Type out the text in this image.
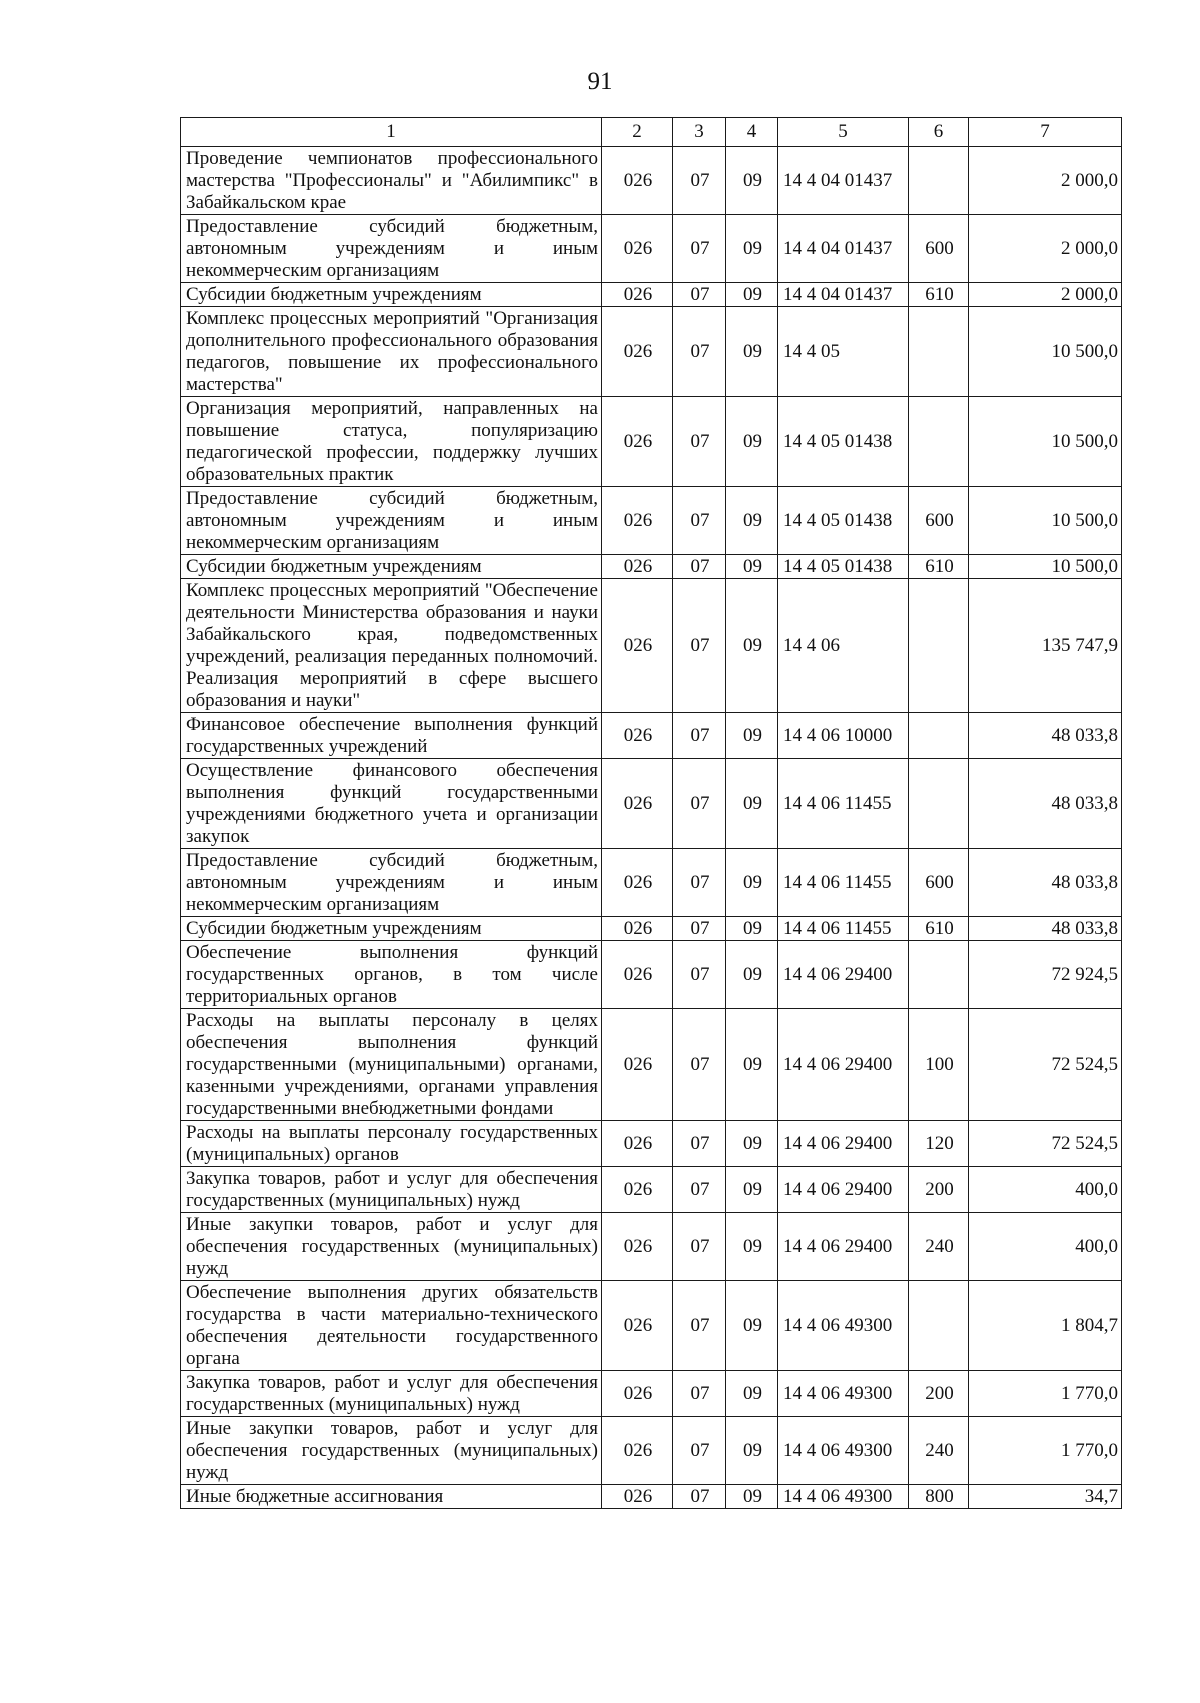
91
1	2	3	4	5	6	7
Проведение чемпионатов профессионального мастерства "Профессионалы" и "Абилимпикс" в Забайкальском крае	026	07	09	14 4 04 01437		2 000,0
Предоставление субсидий бюджетным, автономным учреждениям и иным некоммерческим организациям	026	07	09	14 4 04 01437	600	2 000,0
Субсидии бюджетным учреждениям	026	07	09	14 4 04 01437	610	2 000,0
Комплекс процессных мероприятий "Организация дополнительного профессионального образования педагогов, повышение их профессионального мастерства"	026	07	09	14 4 05		10 500,0
Организация мероприятий, направленных на повышение статуса, популяризацию педагогической профессии, поддержку лучших образовательных практик	026	07	09	14 4 05 01438		10 500,0
Предоставление субсидий бюджетным, автономным учреждениям и иным некоммерческим организациям	026	07	09	14 4 05 01438	600	10 500,0
Субсидии бюджетным учреждениям	026	07	09	14 4 05 01438	610	10 500,0
Комплекс процессных мероприятий "Обеспечение деятельности Министерства образования и науки Забайкальского края, подведомственных учреждений, реализация переданных полномочий. Реализация мероприятий в сфере высшего образования и науки"	026	07	09	14 4 06		135 747,9
Финансовое обеспечение выполнения функций государственных учреждений	026	07	09	14 4 06 10000		48 033,8
Осуществление финансового обеспечения выполнения функций государственными учреждениями бюджетного учета и организации закупок	026	07	09	14 4 06 11455		48 033,8
Предоставление субсидий бюджетным, автономным учреждениям и иным некоммерческим организациям	026	07	09	14 4 06 11455	600	48 033,8
Субсидии бюджетным учреждениям	026	07	09	14 4 06 11455	610	48 033,8
Обеспечение выполнения функций государственных органов, в том числе территориальных органов	026	07	09	14 4 06 29400		72 924,5
Расходы на выплаты персоналу в целях обеспечения выполнения функций государственными (муниципальными) органами, казенными учреждениями, органами управления государственными внебюджетными фондами	026	07	09	14 4 06 29400	100	72 524,5
Расходы на выплаты персоналу государственных (муниципальных) органов	026	07	09	14 4 06 29400	120	72 524,5
Закупка товаров, работ и услуг для обеспечения государственных (муниципальных) нужд	026	07	09	14 4 06 29400	200	400,0
Иные закупки товаров, работ и услуг для обеспечения государственных (муниципальных) нужд	026	07	09	14 4 06 29400	240	400,0
Обеспечение выполнения других обязательств государства в части материально-технического обеспечения деятельности государственного органа	026	07	09	14 4 06 49300		1 804,7
Закупка товаров, работ и услуг для обеспечения государственных (муниципальных) нужд	026	07	09	14 4 06 49300	200	1 770,0
Иные закупки товаров, работ и услуг для обеспечения государственных (муниципальных) нужд	026	07	09	14 4 06 49300	240	1 770,0
Иные бюджетные ассигнования	026	07	09	14 4 06 49300	800	34,7
